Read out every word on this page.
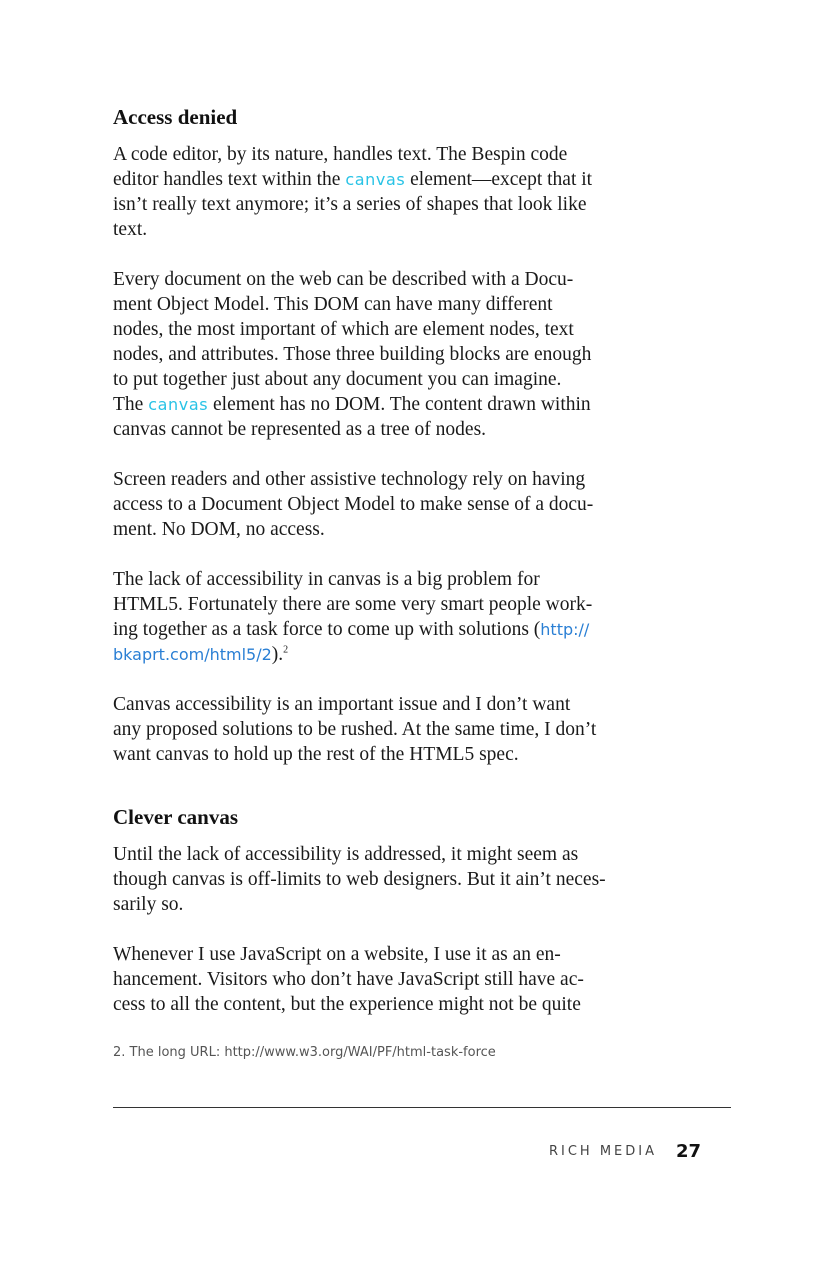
Access denied
A code editor, by its nature, handles text. The Bespin code
editor handles text within the canvas element—except that it
isn’t really text anymore; it’s a series of shapes that look like
text.
Every document on the web can be described with a Docu-
ment Object Model. This DOM can have many different
nodes, the most important of which are element nodes, text
nodes, and attributes. Those three building blocks are enough
to put together just about any document you can imagine.
The canvas element has no DOM. The content drawn within
canvas cannot be represented as a tree of nodes.
Screen readers and other assistive technology rely on having
access to a Document Object Model to make sense of a docu-
ment. No DOM, no access.
The lack of accessibility in canvas is a big problem for
HTML5. Fortunately there are some very smart people work-
ing together as a task force to come up with solutions (http://
bkaprt.com/html5/2).$^2$
Canvas accessibility is an important issue and I don’t want
any proposed solutions to be rushed. At the same time, I don’t
want canvas to hold up the rest of the HTML5 spec.
Clever canvas
Until the lack of accessibility is addressed, it might seem as
though canvas is off-limits to web designers. But it ain’t neces-
sarily so.
Whenever I use JavaScript on a website, I use it as an en-
hancement. Visitors who don’t have JavaScript still have ac-
cess to all the content, but the experience might not be quite

2. The long URL: http://www.w3.org/WAI/PF/html-task-force

RICH MEDIA 27
